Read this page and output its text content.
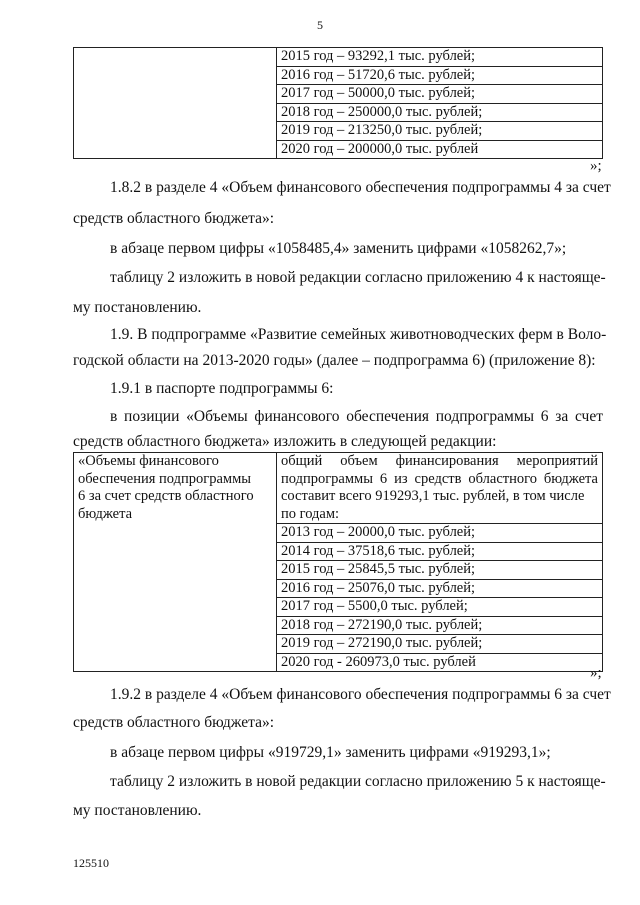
5

2015 год – 93292,1 тыс. рублей;
2016 год – 51720,6 тыс. рублей;
2017 год – 50000,0 тыс. рублей;
2018 год – 250000,0 тыс. рублей;
2019 год – 213250,0 тыс. рублей;
2020 год – 200000,0 тыс. рублей
»;
1.8.2 в разделе 4 «Объем финансового обеспечения подпрограммы 4 за счет
средств областного бюджета»:
в абзаце первом цифры «1058485,4» заменить цифрами «1058262,7»;
таблицу 2 изложить в новой редакции согласно приложению 4 к настояще-
му постановлению.
1.9. В подпрограмме «Развитие семейных животноводческих ферм в Воло-
годской области на 2013-2020 годы» (далее – подпрограмма 6) (приложение 8):
1.9.1 в паспорте подпрограммы 6:
в позиции «Объемы финансового обеспечения подпрограммы 6 за счет
средств областного бюджета» изложить в следующей редакции:
«Объемы финансового
обеспечения подпрограммы
6 за счет средств областного
бюджета

общий объем финансирования мероприятий
подпрограммы 6 из средств областного бюджета
составит всего 919293,1 тыс. рублей, в том числе
по годам:
2013 год – 20000,0 тыс. рублей;
2014 год – 37518,6 тыс. рублей;
2015 год – 25845,5 тыс. рублей;
2016 год – 25076,0 тыс. рублей;
2017 год – 5500,0 тыс. рублей;
2018 год – 272190,0 тыс. рублей;
2019 год – 272190,0 тыс. рублей;
2020 год - 260973,0 тыс. рублей
»;
1.9.2 в разделе 4 «Объем финансового обеспечения подпрограммы 6 за счет
средств областного бюджета»:
в абзаце первом цифры «919729,1» заменить цифрами «919293,1»;
таблицу 2 изложить в новой редакции согласно приложению 5 к настояще-
му постановлению.
125510
